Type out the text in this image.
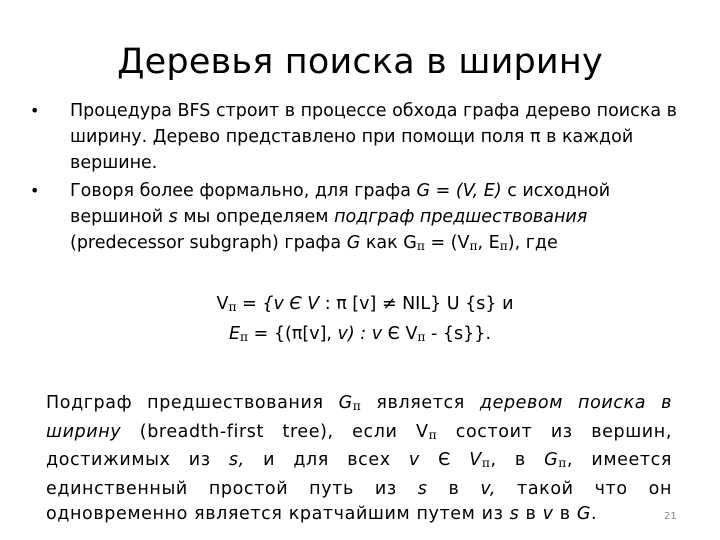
Деревья поиска в ширину
• Процедура BFS строит в процессе обхода графа дерево поиска в ширину. Дерево представлено при помощи поля π в каждой вершине.
• Говоря более формально, для графа G = (V, E) с исходной вершиной s мы определяем подграф предшествования (predecessor subgraph) графа G как $G_\pi = (V_\pi$, $E_\pi$), где
$V_\pi = \{v$ Є V : π [v] ≠ NIL} U {s} и
$E_\pi = \{(\pi[v]$, v) : v Є $V_\pi - \{s\}$}.
Подграф предшествования $G_\pi$ является деревом поиска в ширину (breadth-first tree), если $V_\pi$ состоит из вершин, достижимых из s, и для всех v Є $V_\pi$, в $G_\pi$, имеется единственный простой путь из s в v, такой что он одновременно является кратчайшим путем из s в v в G.	21
